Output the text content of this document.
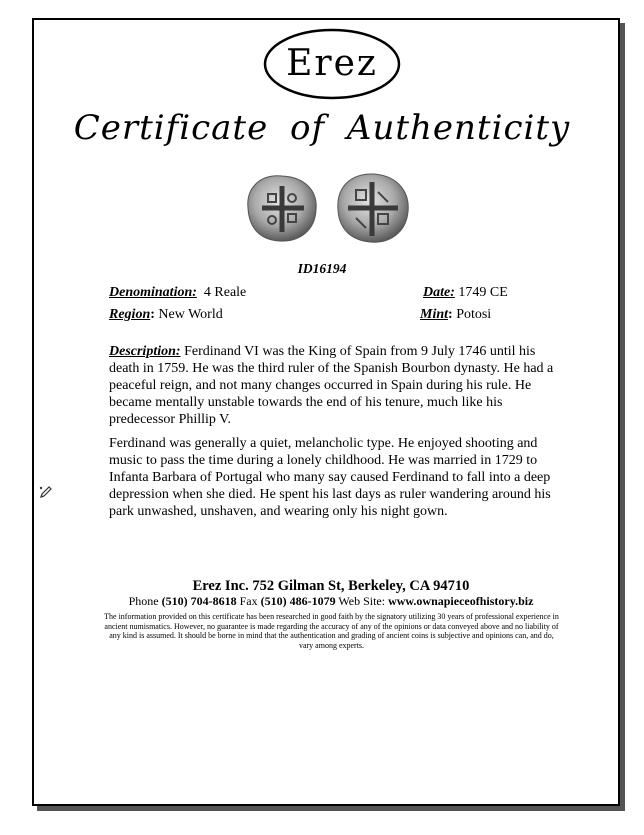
Erez
Certificate of Authenticity
ID16194
Denomination: 4 Reale	Date: 1749 CE
Region: New World	Mint: Potosi

Description: Ferdinand VI was the King of Spain from 9 July 1746 until his death in 1759. He was the third ruler of the Spanish Bourbon dynasty. He had a peaceful reign, and not many changes occurred in Spain during his rule. He became mentally unstable towards the end of his tenure, much like his predecessor Phillip V.

Ferdinand was generally a quiet, melancholic type. He enjoyed shooting and music to pass the time during a lonely childhood. He was married in 1729 to Infanta Barbara of Portugal who many say caused Ferdinand to fall into a deep depression when she died. He spent his last days as ruler wandering around his park unwashed, unshaven, and wearing only his night gown.

Erez Inc. 752 Gilman St, Berkeley, CA 94710
Phone (510) 704-8618 Fax (510) 486-1079 Web Site: www.ownapieceofhistory.biz
The information provided on this certificate has been researched in good faith by the signatory utilizing 30 years of professional experience in ancient numismatics. However, no guarantee is made regarding the accuracy of any of the opinions or data conveyed above and no liability of any kind is assumed. It should be borne in mind that the authentication and grading of ancient coins is subjective and opinions can, and do, vary among experts.
